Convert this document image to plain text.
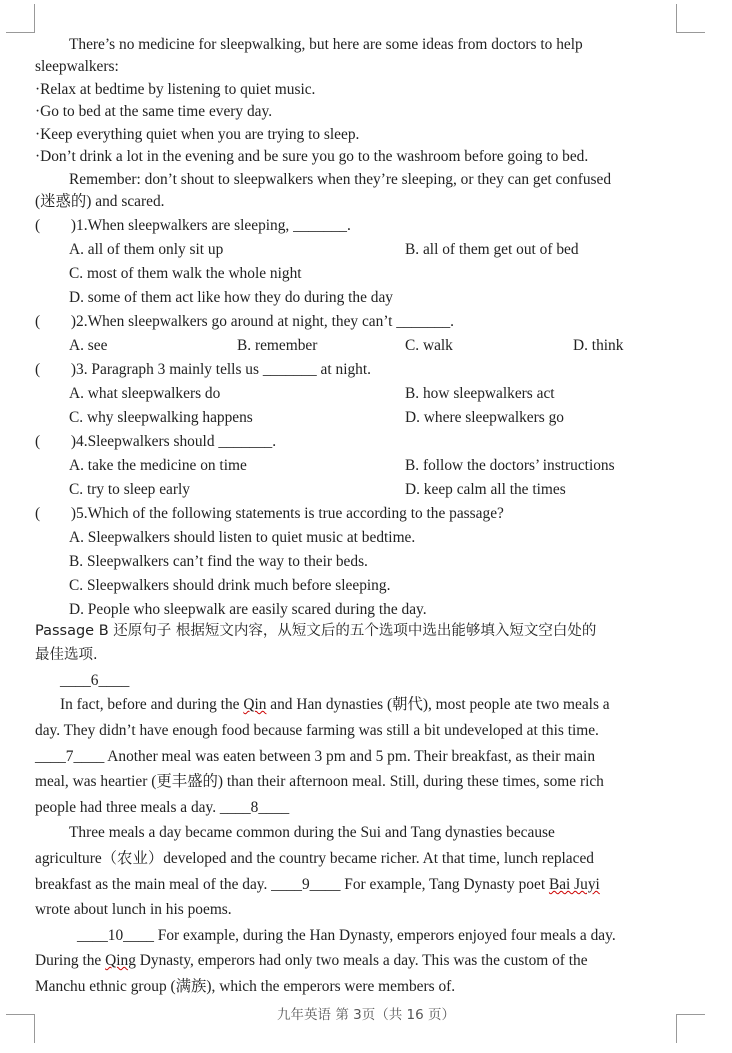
There’s no medicine for sleepwalking, but here are some ideas from doctors to help
sleepwalkers:
·Relax at bedtime by listening to quiet music.
·Go to bed at the same time every day.
·Keep everything quiet when you are trying to sleep.
·Don’t drink a lot in the evening and be sure you go to the washroom before going to bed.
Remember: don’t shout to sleepwalkers when they’re sleeping, or they can get confused
(迷惑的) and scared.
(　　)1.When sleepwalkers are sleeping, _______.
A. all of them only sit up	B. all of them get out of bed
C. most of them walk the whole night
D. some of them act like how they do during the day
(　　)2.When sleepwalkers go around at night, they can’t _______.
A. see	B. remember	C. walk	D. think
(　　)3. Paragraph 3 mainly tells us _______ at night.
A. what sleepwalkers do	B. how sleepwalkers act
C. why sleepwalking happens	D. where sleepwalkers go
(　　)4.Sleepwalkers should _______.
A. take the medicine on time	B. follow the doctors’ instructions
C. try to sleep early	D. keep calm all the times
(　　)5.Which of the following statements is true according to the passage?
A. Sleepwalkers should listen to quiet music at bedtime.
B. Sleepwalkers can’t find the way to their beds.
C. Sleepwalkers should drink much before sleeping.
D. People who sleepwalk are easily scared during the day.
Passage B 还原句子 根据短文内容，从短文后的五个选项中选出能够填入短文空白处的
最佳选项.
____6____
In fact, before and during the Qin and Han dynasties (朝代), most people ate two meals a
day. They didn’t have enough food because farming was still a bit undeveloped at this time.
____7____ Another meal was eaten between 3 pm and 5 pm. Their breakfast, as their main
meal, was heartier (更丰盛的) than their afternoon meal. Still, during these times, some rich
people had three meals a day. ____8____
Three meals a day became common during the Sui and Tang dynasties because
agriculture（农业）developed and the country became richer. At that time, lunch replaced
breakfast as the main meal of the day. ____9____ For example, Tang Dynasty poet Bai Juyi
wrote about lunch in his poems.
____10____ For example, during the Han Dynasty, emperors enjoyed four meals a day.
During the Qing Dynasty, emperors had only two meals a day. This was the custom of the
Manchu ethnic group (满族), which the emperors were members of.
九年英语 第 3页（共 16 页）
